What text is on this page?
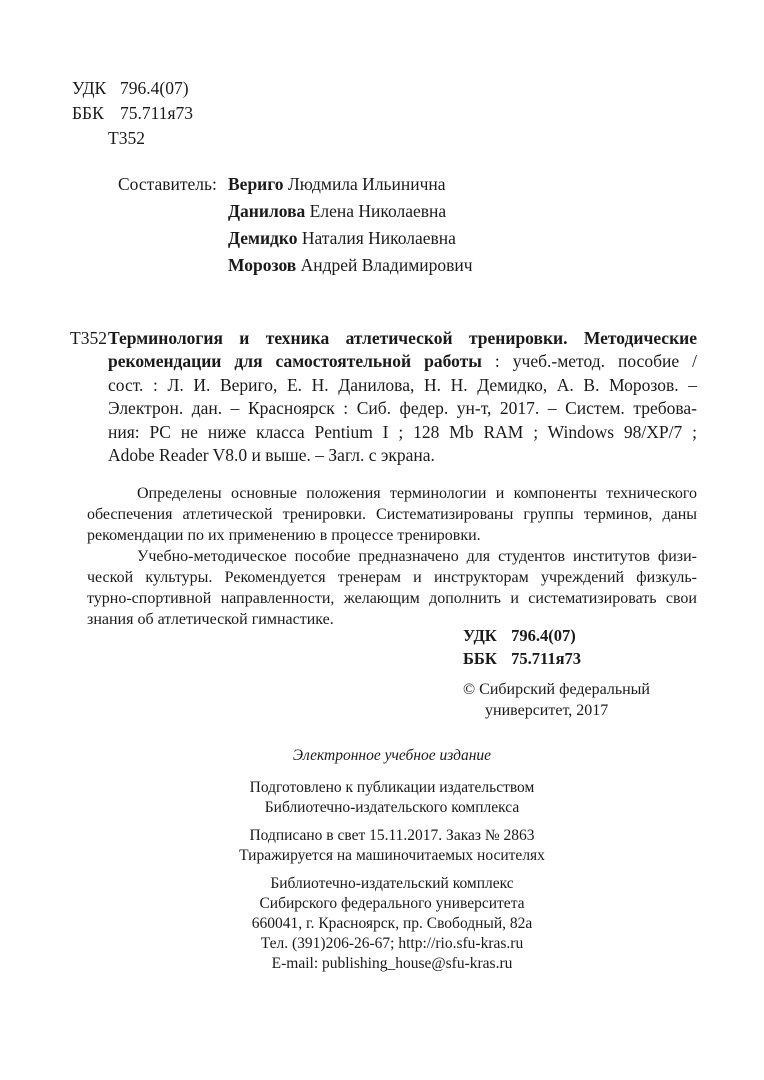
УДК 796.4(07)
ББК 75.711я73
Т352
Составитель: Вериго Людмила Ильинична
Данилова Елена Николаевна
Демидко Наталия Николаевна
Морозов Андрей Владимирович
Т352 Терминология и техника атлетической тренировки. Методические
рекомендации для самостоятельной работы : учеб.-метод. пособие /
сост. : Л. И. Вериго, Е. Н. Данилова, Н. Н. Демидко, А. В. Морозов. –
Электрон. дан. – Красноярск : Сиб. федер. ун-т, 2017. – Систем. требова-
ния: PC не ниже класса Pentium I ; 128 Mb RAM ; Windows 98/XP/7 ;
Adobe Reader V8.0 и выше. – Загл. с экрана.
Определены основные положения терминологии и компоненты технического
обеспечения атлетической тренировки. Систематизированы группы терминов, даны
рекомендации по их применению в процессе тренировки.
Учебно-методическое пособие предназначено для студентов институтов физи-
ческой культуры. Рекомендуется тренерам и инструкторам учреждений физкуль-
турно-спортивной направленности, желающим дополнить и систематизировать свои
знания об атлетической гимнастике.
УДК 796.4(07)
ББК 75.711я73
© Сибирский федеральный
университет, 2017
Электронное учебное издание
Подготовлено к публикации издательством
Библиотечно-издательского комплекса
Подписано в свет 15.11.2017. Заказ № 2863
Тиражируется на машиночитаемых носителях
Библиотечно-издательский комплекс
Сибирского федерального университета
660041, г. Красноярск, пр. Свободный, 82а
Тел. (391)206-26-67; http://rio.sfu-kras.ru
E-mail: publishing_house@sfu-kras.ru
